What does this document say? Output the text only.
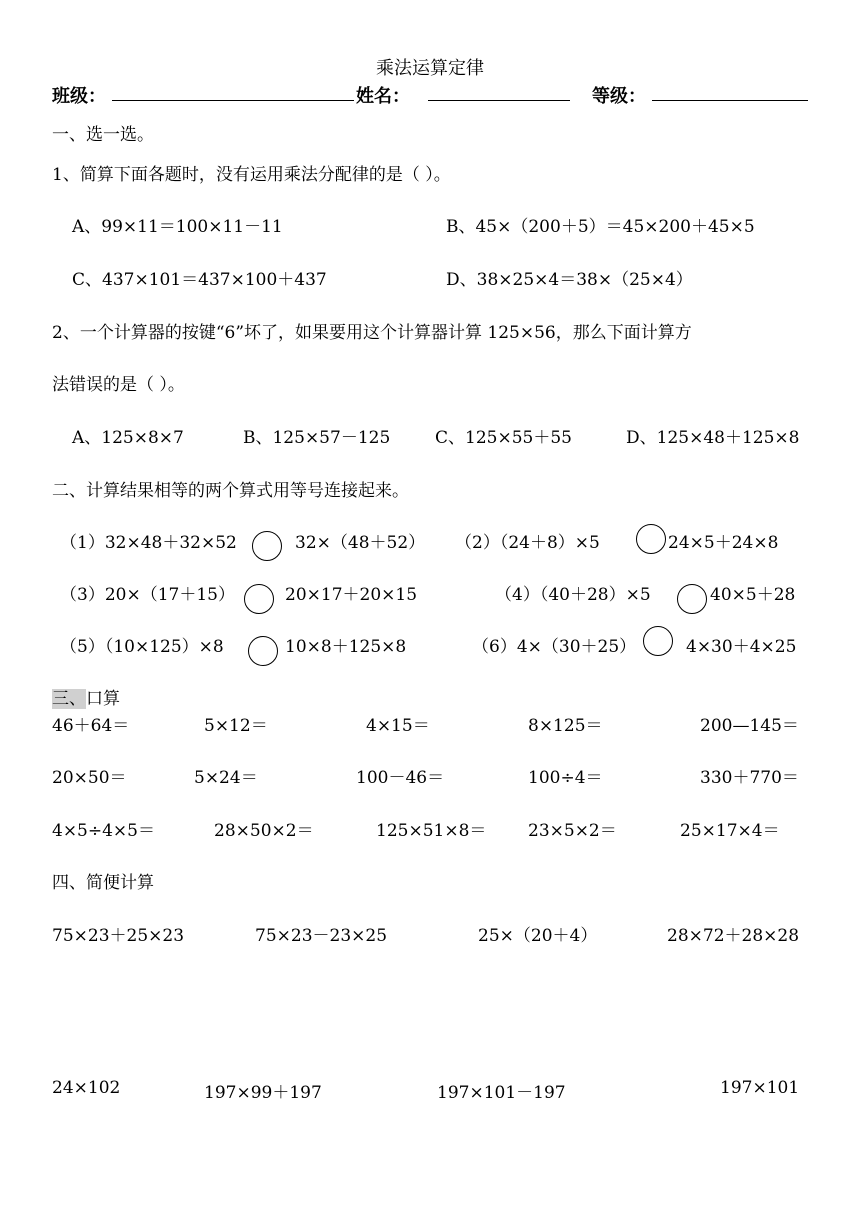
乘法运算定律
班级：	姓名：	等级：
一、选一选。
1、简算下面各题时，没有运用乘法分配律的是（ ）。
A、99×11＝100×11－11	B、45×（200＋5）＝45×200＋45×5
C、437×101＝437×100＋437	D、38×25×4＝38×（25×4）
2、一个计算器的按键“6”坏了，如果要用这个计算器计算 125×56，那么下面计算方
法错误的是（ ）。
A、125×8×7	B、125×57－125	C、125×55＋55	D、125×48＋125×8
二、计算结果相等的两个算式用等号连接起来。
（1）32×48＋32×52	32×（48＋52） （2）（24＋8）×5	24×5＋24×8
（3）20×（17＋15）	20×17＋20×15	（4）（40＋28）×5	40×5＋28
（5）（10×125）×8	10×8＋125×8	（6）4×（30＋25）	4×30＋4×25
三、口算
46＋64＝	5×12＝	4×15＝	8×125＝	200—145＝
20×50＝	5×24＝	100－46＝	100÷4＝	330＋770＝
4×5÷4×5＝	28×50×2＝	125×51×8＝ 23×5×2＝	25×17×4＝
四、简便计算
75×23＋25×23	75×23－23×25	25×（20＋4）	28×72＋28×28
24×102	197×99＋197	197×101－197	197×101
